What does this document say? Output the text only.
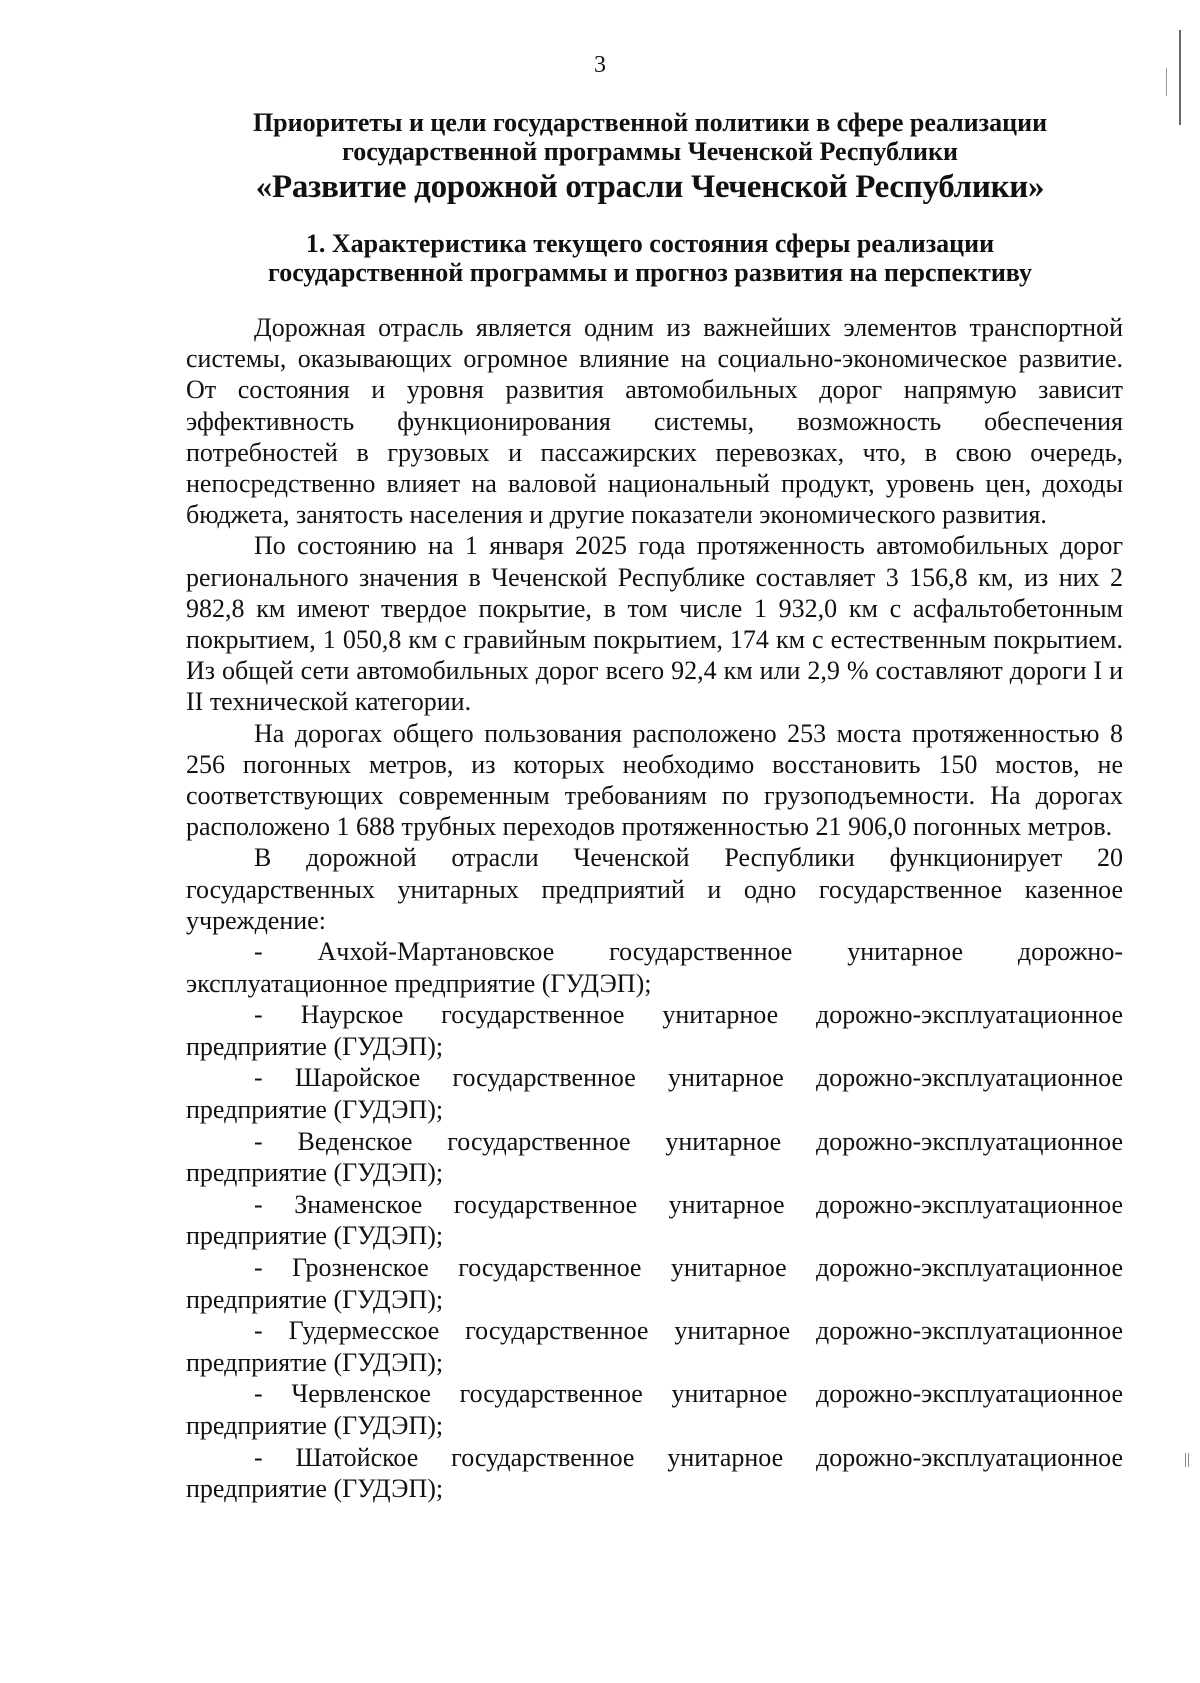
3
Приоритеты и цели государственной политики в сфере реализации
государственной программы Чеченской Республики
«Развитие дорожной отрасли Чеченской Республики»
1. Характеристика текущего состояния сферы реализации
государственной программы и прогноз развития на перспективу

Дорожная отрасль является одним из важнейших элементов транспортной системы, оказывающих огромное влияние на социально-экономическое развитие. От состояния и уровня развития автомобильных дорог напрямую зависит эффективность функционирования системы, возможность обеспечения потребностей в грузовых и пассажирских перевозках, что, в свою очередь, непосредственно влияет на валовой национальный продукт, уровень цен, доходы бюджета, занятость населения и другие показатели экономического развития.

По состоянию на 1 января 2025 года протяженность автомобильных дорог регионального значения в Чеченской Республике составляет 3 156,8 км, из них 2 982,8 км имеют твердое покрытие, в том числе 1 932,0 км с асфальтобетонным покрытием, 1 050,8 км с гравийным покрытием, 174 км с естественным покрытием. Из общей сети автомобильных дорог всего 92,4 км или 2,9 % составляют дороги I и II технической категории.

На дорогах общего пользования расположено 253 моста протяженностью 8 256 погонных метров, из которых необходимо восстановить 150 мостов, не соответствующих современным требованиям по грузоподъемности. На дорогах расположено 1 688 трубных переходов протяженностью 21 906,0 погонных метров.

В дорожной отрасли Чеченской Республики функционирует 20 государственных унитарных предприятий и одно государственное казенное учреждение:

- Ачхой-Мартановское государственное унитарное дорожно-эксплуатационное предприятие (ГУДЭП);

- Наурское государственное унитарное дорожно-эксплуатационное предприятие (ГУДЭП);

- Шаройское государственное унитарное дорожно-эксплуатационное предприятие (ГУДЭП);

- Веденское государственное унитарное дорожно-эксплуатационное предприятие (ГУДЭП);

- Знаменское государственное унитарное дорожно-эксплуатационное предприятие (ГУДЭП);

- Грозненское государственное унитарное дорожно-эксплуатационное предприятие (ГУДЭП);

- Гудермесское государственное унитарное дорожно-эксплуатационное предприятие (ГУДЭП);

- Червленское государственное унитарное дорожно-эксплуатационное предприятие (ГУДЭП);

- Шатойское государственное унитарное дорожно-эксплуатационное предприятие (ГУДЭП);
